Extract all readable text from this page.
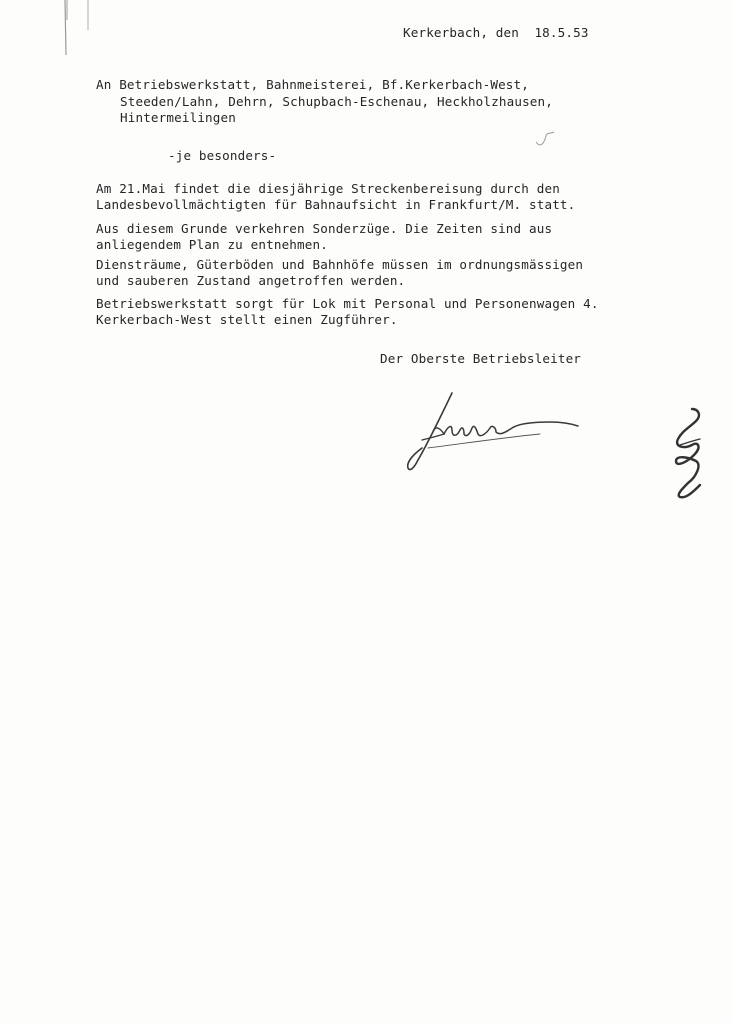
Kerkerbach, den  18.5.53
An Betriebswerkstatt, Bahnmeisterei, Bf.Kerkerbach-West,
Steeden/Lahn, Dehrn, Schupbach-Eschenau, Heckholzhausen,
Hintermeilingen
-je besonders-
Am 21.Mai findet die diesjährige Streckenbereisung durch den
Landesbevollmächtigten für Bahnaufsicht in Frankfurt/M. statt.
Aus diesem Grunde verkehren Sonderzüge. Die Zeiten sind aus
anliegendem Plan zu entnehmen.
Diensträume, Güterböden und Bahnhöfe müssen im ordnungsmässigen
und sauberen Zustand angetroffen werden.
Betriebswerkstatt sorgt für Lok mit Personal und Personenwagen 4.
Kerkerbach-West stellt einen Zugführer.
Der Oberste Betriebsleiter
